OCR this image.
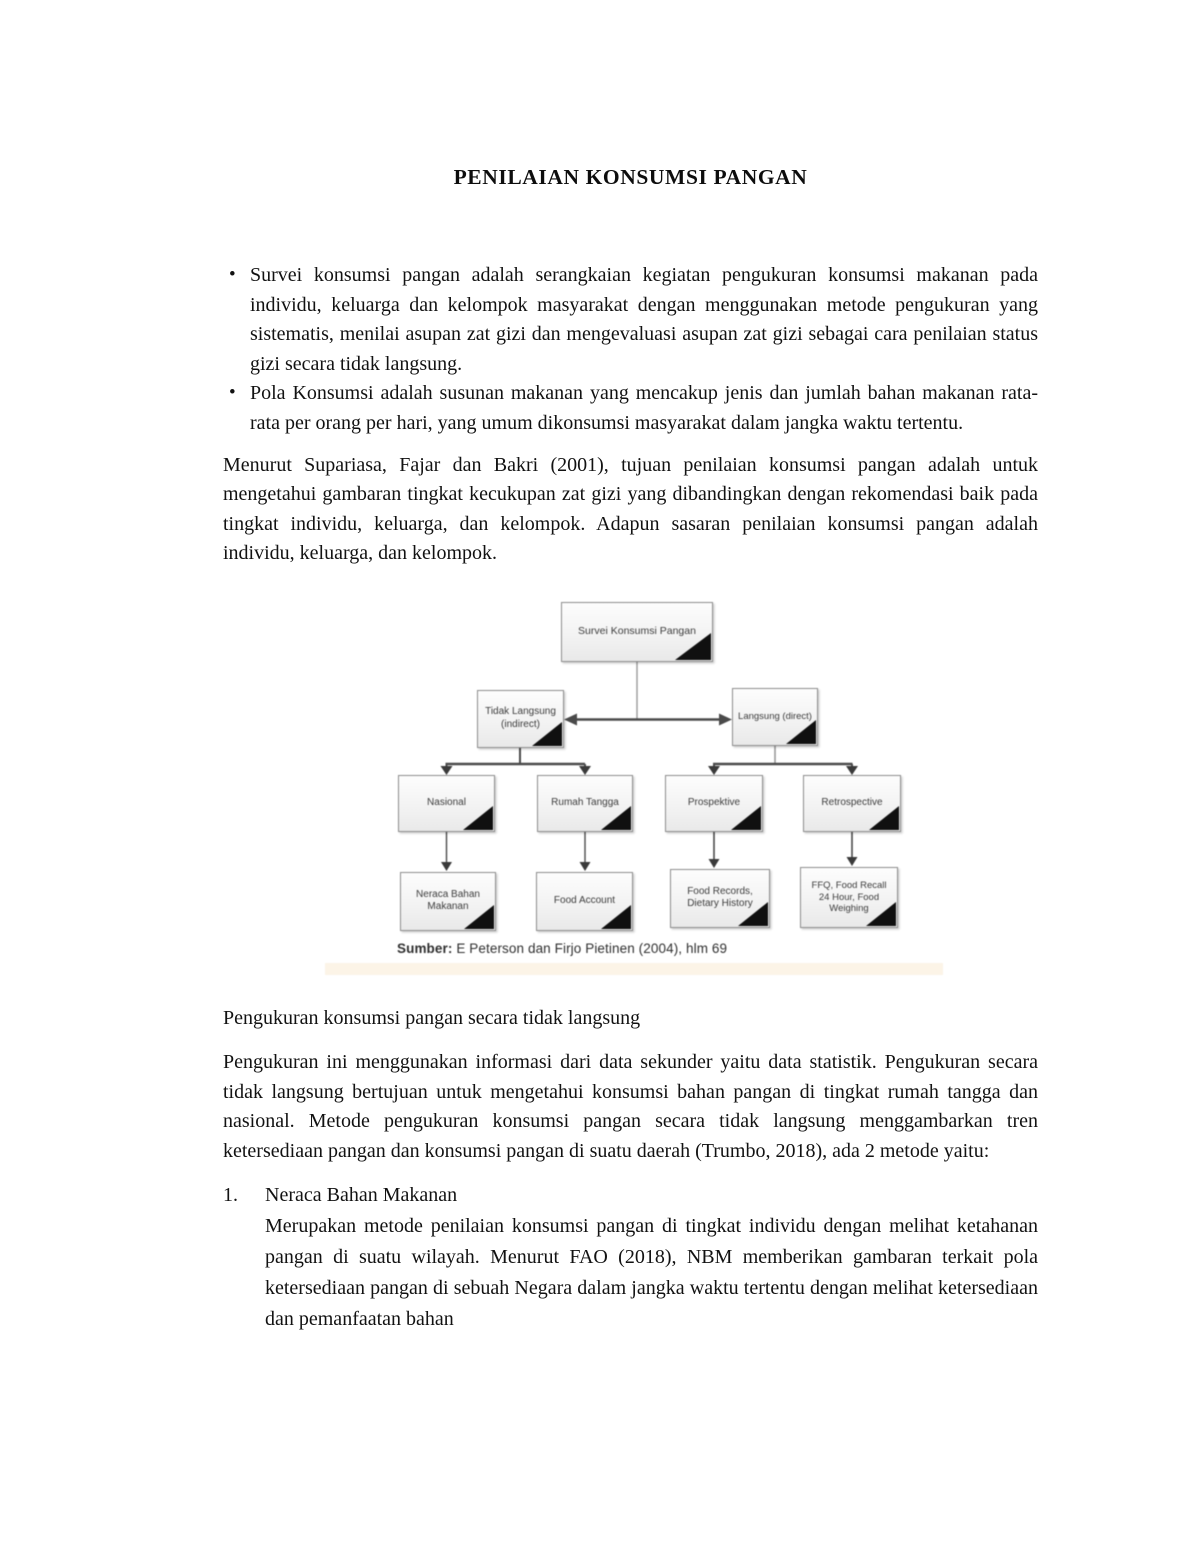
PENILAIAN KONSUMSI PANGAN
• Survei konsumsi pangan adalah serangkaian kegiatan pengukuran konsumsi makanan pada individu, keluarga dan kelompok masyarakat dengan menggunakan metode pengukuran yang sistematis, menilai asupan zat gizi dan mengevaluasi asupan zat gizi sebagai cara penilaian status gizi secara tidak langsung.
• Pola Konsumsi adalah susunan makanan yang mencakup jenis dan jumlah bahan makanan rata-rata per orang per hari, yang umum dikonsumsi masyarakat dalam jangka waktu tertentu.

Menurut Supariasa, Fajar dan Bakri (2001), tujuan penilaian konsumsi pangan adalah untuk mengetahui gambaran tingkat kecukupan zat gizi yang dibandingkan dengan rekomendasi baik pada tingkat individu, keluarga, dan kelompok. Adapun sasaran penilaian konsumsi pangan adalah individu, keluarga, dan kelompok.

Survei Konsumsi Pangan
Tidak Langsung (indirect)
Langsung (direct)
Nasional	Rumah Tangga	Prospektive	Retrospective
Neraca Bahan Makanan
Food Account
Food Records, Dietary History
FFQ, Food Recall 24 Hour, Food Weighing
Sumber: E Peterson dan Firjo Pietinen (2004), hlm 69
Pengukuran konsumsi pangan secara tidak langsung

Pengukuran ini menggunakan informasi dari data sekunder yaitu data statistik. Pengukuran secara tidak langsung bertujuan untuk mengetahui konsumsi bahan pangan di tingkat rumah tangga dan nasional. Metode pengukuran konsumsi pangan secara tidak langsung menggambarkan tren ketersediaan pangan dan konsumsi pangan di suatu daerah (Trumbo, 2018), ada 2 metode yaitu:

1.	Neraca Bahan Makanan
Merupakan metode penilaian konsumsi pangan di tingkat individu dengan melihat ketahanan pangan di suatu wilayah. Menurut FAO (2018), NBM memberikan gambaran terkait pola ketersediaan pangan di sebuah Negara dalam jangka waktu tertentu dengan melihat ketersediaan dan pemanfaatan bahan
